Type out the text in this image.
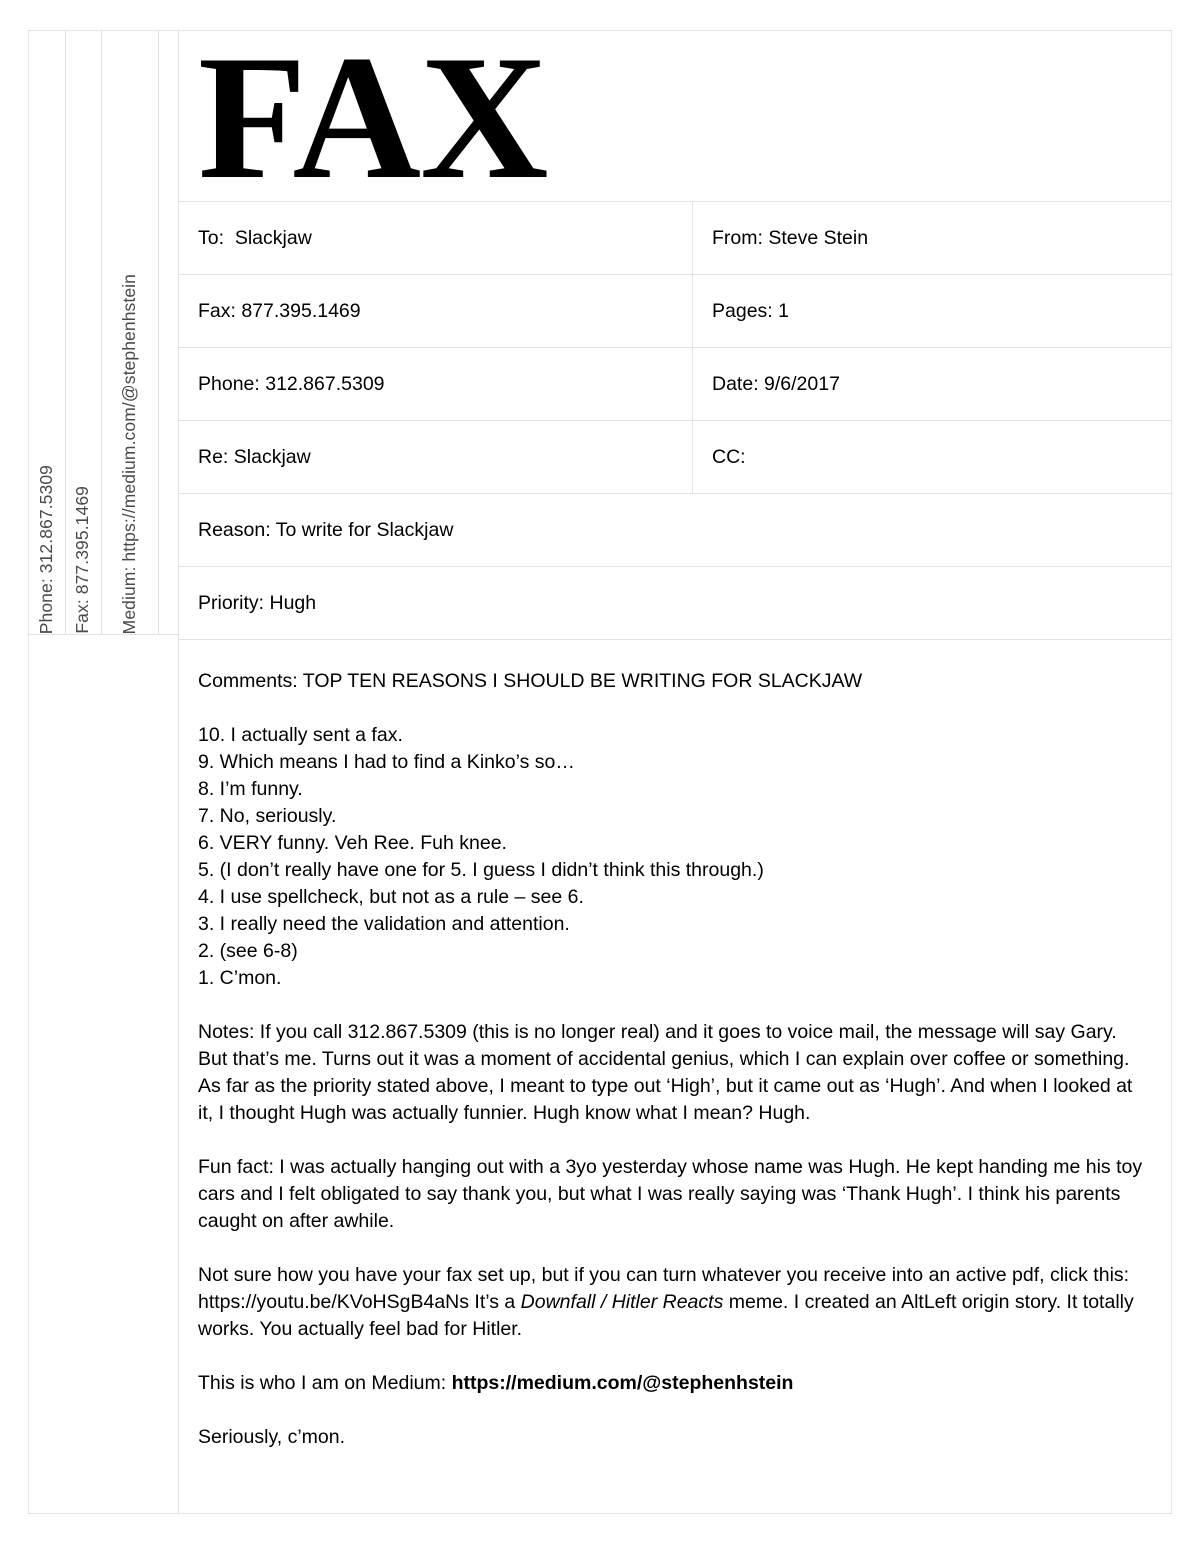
Phone: 312.867.5309 Fax: 877.395.1469 Medium: https://medium.com/@stephenhstein
FAX
To:  Slackjaw	From: Steve Stein
Fax: 877.395.1469	Pages: 1
Phone: 312.867.5309	Date: 9/6/2017
Re: Slackjaw	CC:
Reason: To write for Slackjaw	
Priority: Hugh	

Comments: TOP TEN REASONS I SHOULD BE WRITING FOR SLACKJAW

10. I actually sent a fax.
9. Which means I had to find a Kinko’s so…
8. I’m funny.
7. No, seriously.
6. VERY funny. Veh Ree. Fuh knee.
5. (I don’t really have one for 5. I guess I didn’t think this through.)
4. I use spellcheck, but not as a rule – see 6.
3. I really need the validation and attention.
2. (see 6-8)
1. C’mon.

Notes: If you call 312.867.5309 (this is no longer real) and it goes to voice mail, the message will say Gary. But that’s me. Turns out it was a moment of accidental genius, which I can explain over coffee or something. As far as the priority stated above, I meant to type out ‘High’, but it came out as ‘Hugh’. And when I looked at it, I thought Hugh was actually funnier. Hugh know what I mean? Hugh.

Fun fact: I was actually hanging out with a 3yo yesterday whose name was Hugh. He kept handing me his toy cars and I felt obligated to say thank you, but what I was really saying was ‘Thank Hugh’. I think his parents caught on after awhile.

Not sure how you have your fax set up, but if you can turn whatever you receive into an active pdf, click this: https://youtu.be/KVoHSgB4aNs It’s a Downfall / Hitler Reacts meme. I created an AltLeft origin story. It totally works. You actually feel bad for Hitler.

This is who I am on Medium: https://medium.com/@stephenhstein

Seriously, c’mon.
